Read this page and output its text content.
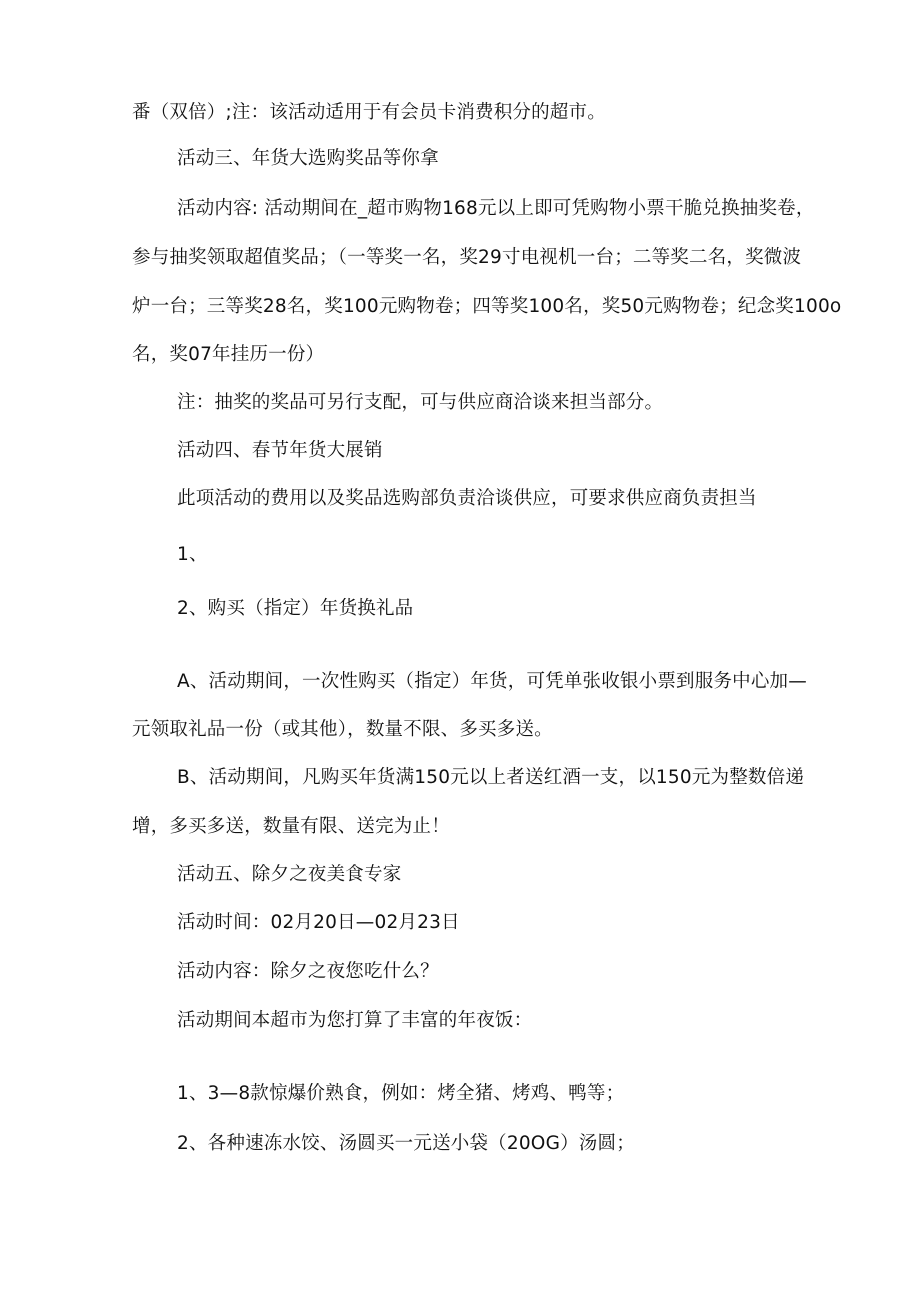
番（双倍）;注：该活动适用于有会员卡消费积分的超市。
活动三、年货大选购奖品等你拿
活动内容: 活动期间在_超市购物168元以上即可凭购物小票干脆兑换抽奖卷，
参与抽奖领取超值奖品；（一等奖一名，奖29寸电视机一台；二等奖二名，奖微波
炉一台；三等奖28名，奖100元购物卷；四等奖100名，奖50元购物卷；纪念奖100o
名，奖07年挂历一份）
注：抽奖的奖品可另行支配，可与供应商洽谈来担当部分。
活动四、春节年货大展销
此项活动的费用以及奖品选购部负责洽谈供应，可要求供应商负责担当
1、
2、购买（指定）年货换礼品
A、活动期间，一次性购买（指定）年货，可凭单张收银小票到服务中心加—
元领取礼品一份（或其他），数量不限、多买多送。
B、活动期间，凡购买年货满150元以上者送红酒一支，以150元为整数倍递
增，多买多送，数量有限、送完为止！
活动五、除夕之夜美食专家
活动时间：02月20日—02月23日
活动内容：除夕之夜您吃什么？
活动期间本超市为您打算了丰富的年夜饭：
1、3—8款惊爆价熟食，例如：烤全猪、烤鸡、鸭等；
2、各种速冻水饺、汤圆买一元送小袋（20OG）汤圆；
